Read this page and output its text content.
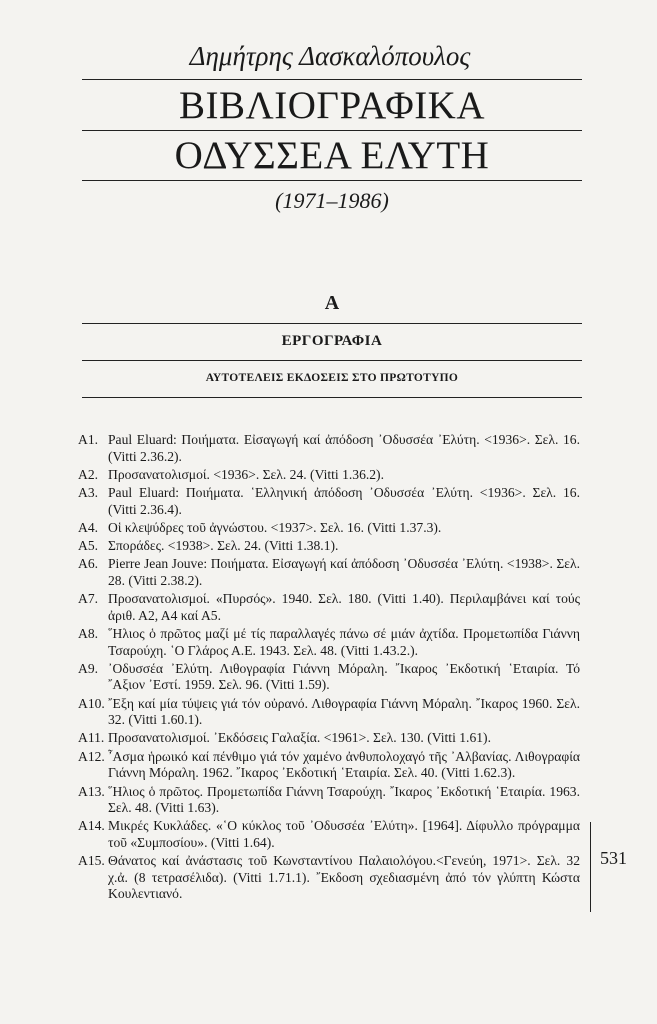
Δημήτρης Δασκαλόπουλος
ΒΙΒΛΙΟΓΡΑΦΙΚΑ
ΟΔΥΣΣΕΑ ΕΛΥΤΗ
(1971–1986)
Α
ΕΡΓΟΓΡΑΦΙΑ
ΑΥΤΟΤΕΛΕΙΣ ΕΚΔΟΣΕΙΣ ΣΤΟ ΠΡΩΤΟΤΥΠΟ
Α1. Paul Eluard: Ποιήματα. Εἰσαγωγή καί ἀπόδοση ᾿Οδυσσέα ᾿Ελύτη. <1936>. Σελ. 16. (Vitti 2.36.2).
Α2. Προσανατολισμοί. <1936>. Σελ. 24. (Vitti 1.36.2).
Α3. Paul Eluard: Ποιήματα. ῾Ελληνική ἀπόδοση ᾿Οδυσσέα ᾿Ελύτη. <1936>. Σελ. 16. (Vitti 2.36.4).
Α4. Οἱ κλεψύδρες τοῦ ἀγνώστου. <1937>. Σελ. 16. (Vitti 1.37.3).
Α5. Σποράδες. <1938>. Σελ. 24. (Vitti 1.38.1).
Α6. Pierre Jean Jouve: Ποιήματα. Εἰσαγωγή καί ἀπόδοση ᾿Οδυσσέα ᾿Ελύτη. <1938>. Σελ. 28. (Vitti 2.38.2).
Α7. Προσανατολισμοί. «Πυρσός». 1940. Σελ. 180. (Vitti 1.40). Περιλαμβάνει καί τούς ἀριθ. Α2, Α4 καί Α5.
Α8. ῞Ηλιος ὁ πρῶτος μαζί μέ τίς παραλλαγές πάνω σέ μιάν ἀχτίδα. Προμετωπίδα Γιάννη Τσαρούχη. ῾Ο Γλάρος Α.Ε. 1943. Σελ. 48. (Vitti 1.43.2.).
Α9. ᾿Οδυσσέα ᾿Ελύτη. Λιθογραφία Γιάννη Μόραλη. ῎Ικαρος ᾿Εκδοτική ῾Εταιρία. Τό ῎Αξιον ᾿Εστί. 1959. Σελ. 96. (Vitti 1.59).
Α10. ῎Εξη καί μία τύψεις γιά τόν οὐρανό. Λιθογραφία Γιάννη Μόραλη. ῎Ικαρος 1960. Σελ. 32. (Vitti 1.60.1).
Α11. Προσανατολισμοί. ᾿Εκδόσεις Γαλαξία. <1961>. Σελ. 130. (Vitti 1.61).
Α12. ῏Ασμα ἡρωικό καί πένθιμο γιά τόν χαμένο ἀνθυπολοχαγό τῆς ᾿Αλβανίας. Λιθογραφία Γιάννη Μόραλη. 1962. ῎Ικαρος ᾿Εκδοτική ῾Εταιρία. Σελ. 40. (Vitti 1.62.3).
Α13. ῞Ηλιος ὁ πρῶτος. Προμετωπίδα Γιάννη Τσαρούχη. ῎Ικαρος ᾿Εκδοτική ῾Εταιρία. 1963. Σελ. 48. (Vitti 1.63).
Α14. Μικρές Κυκλάδες. «῾Ο κύκλος τοῦ ᾿Οδυσσέα ᾿Ελύτη». [1964]. Δίφυλλο πρόγραμμα τοῦ «Συμποσίου». (Vitti 1.64).
Α15. Θάνατος καί ἀνάστασις τοῦ Κωνσταντίνου Παλαιολόγου.<Γενεύη, 1971>. Σελ. 32 χ.ἀ. (8 τετρασέλιδα). (Vitti 1.71.1). ῎Εκδοση σχεδιασμένη ἀπό τόν γλύπτη Κώστα Κουλεντιανό.
531
